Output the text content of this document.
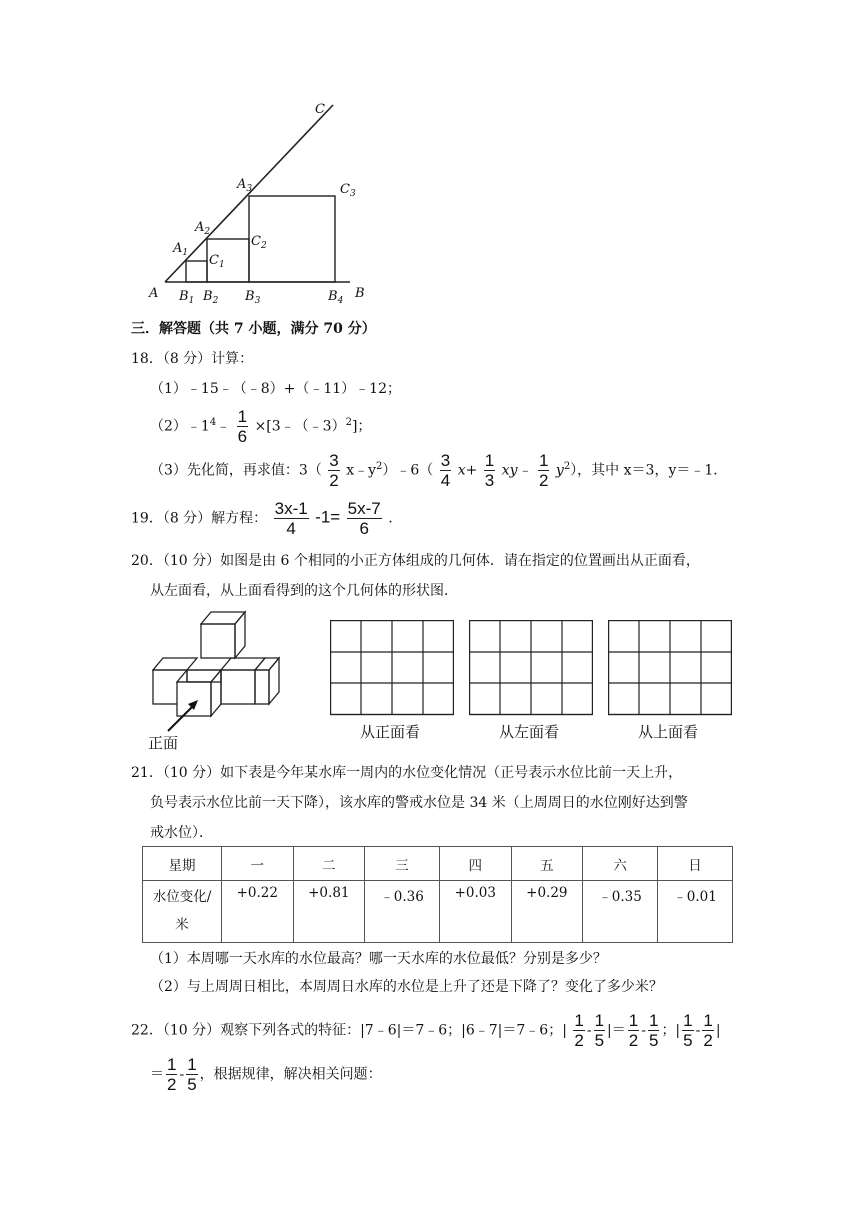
C
$A_3$	$C_3$
$A_2$
$C_2$
$A_1$ $C_1$
A $B_1$ $B_2$ $B_3$	$B_4$ B
三．解答题（共 7 小题，满分 70 分）
18．（8 分）计算：
（1）﹣15﹣（﹣8）+（﹣11）﹣12；
$(2)﹣1^4﹣ \frac{1}{6}$ ×[3﹣（﹣3）$^2$]；
（3）先化简，再求值：$3( \frac{3}{2}$ $x﹣y^2)﹣6( \frac{3}{4} x+ \frac{1}{3}$ xy﹣ $\frac{1}{2} y^2$），其中 x＝3，y＝﹣1．
19．（8 分）解方程： $\frac{3x-1}{4} -1= \frac{5x-7}{6}$ .
20．（10 分）如图是由 6 个相同的小正方体组成的几何体．请在指定的位置画出从正面看，
从左面看，从上面看得到的这个几何体的形状图．
正面
从正面看	从左面看	从上面看
21．（10 分）如下表是今年某水库一周内的水位变化情况（正号表示水位比前一天上升，
负号表示水位比前一天下降），该水库的警戒水位是 34 米（上周周日的水位刚好达到警
戒水位）．
星期	一	二	三	四	五	六	日
水位变化/
米	+0.22	+0.81	﹣0.36	+0.03	+0.29	﹣0.35	﹣0.01
（1）本周哪一天水库的水位最高？哪一天水库的水位最低？分别是多少？
（2）与上周周日相比，本周周日水库的水位是上升了还是下降了？变化了多少米？
22．（10 分）观察下列各式的特征：|7﹣6|＝7﹣6；|6﹣7|＝7﹣6；| $\frac{1}{2} - \frac{1}{5}$ |＝ $\frac{1}{2} - \frac{1}{5}$ ；| $\frac{1}{5} - \frac{1}{2}$ |
＝ $\frac{1}{2} - \frac{1}{5}$ ，根据规律，解决相关问题：
